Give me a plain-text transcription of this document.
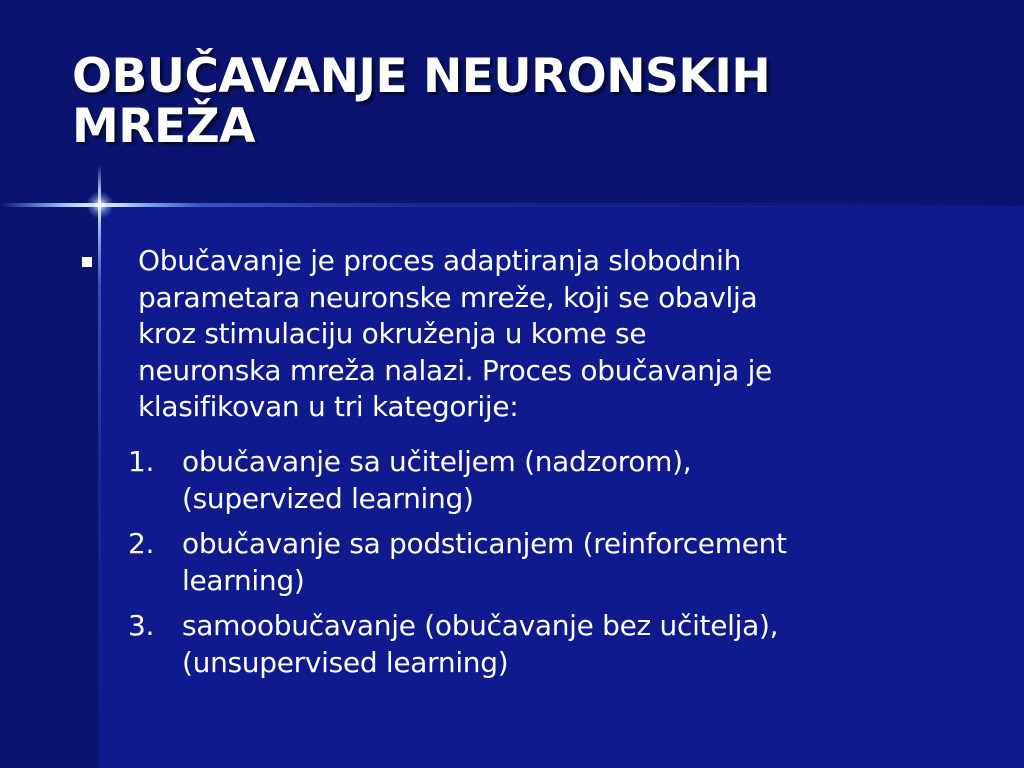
OBUČAVANJE NEURONSKIH
MREŽA

Obučavanje je proces adaptiranja slobodnih
parametara neuronske mreže, koji se obavlja
kroz stimulaciju okruženja u kome se
neuronska mreža nalazi. Proces obučavanja je
klasifikovan u tri kategorije:

1. obučavanje sa učiteljem (nadzorom),
(supervized learning)
2. obučavanje sa podsticanjem (reinforcement
learning)
3. samoobučavanje (obučavanje bez učitelja),
(unsupervised learning)
